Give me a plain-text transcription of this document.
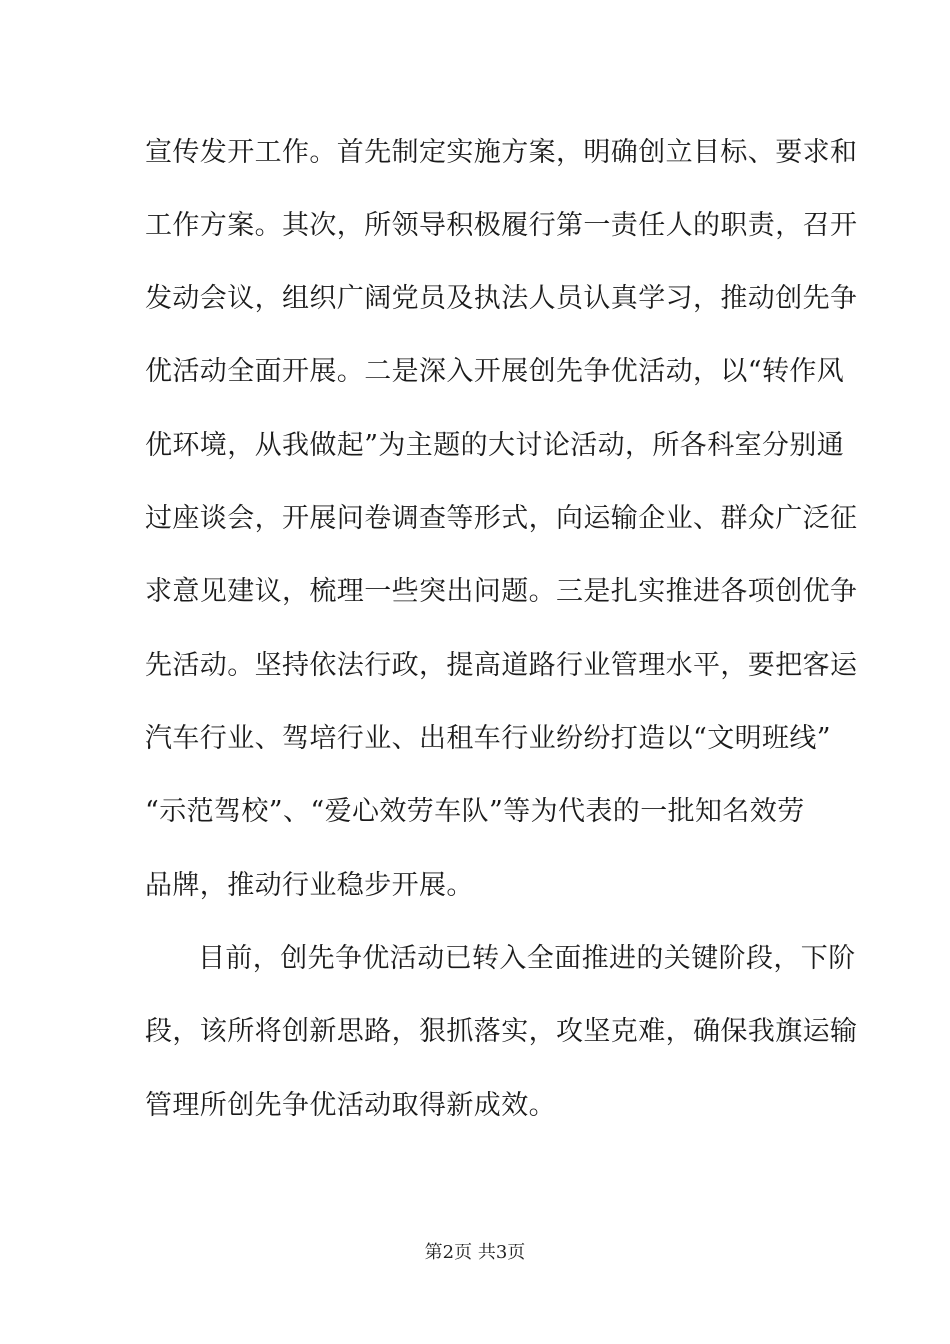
宣传发开工作。首先制定实施方案，明确创立目标、要求和
工作方案。其次，所领导积极履行第一责任人的职责，召开
发动会议，组织广阔党员及执法人员认真学习，推动创先争
优活动全面开展。二是深入开展创先争优活动，以“转作风
优环境，从我做起”为主题的大讨论活动，所各科室分别通
过座谈会，开展问卷调查等形式，向运输企业、群众广泛征
求意见建议，梳理一些突出问题。三是扎实推进各项创优争
先活动。坚持依法行政，提高道路行业管理水平，要把客运
汽车行业、驾培行业、出租车行业纷纷打造以“文明班线”
“示范驾校”、“爱心效劳车队”等为代表的一批知名效劳
品牌，推动行业稳步开展。
目前，创先争优活动已转入全面推进的关键阶段，下阶
段，该所将创新思路，狠抓落实，攻坚克难，确保我旗运输
管理所创先争优活动取得新成效。
第2页 共3页
